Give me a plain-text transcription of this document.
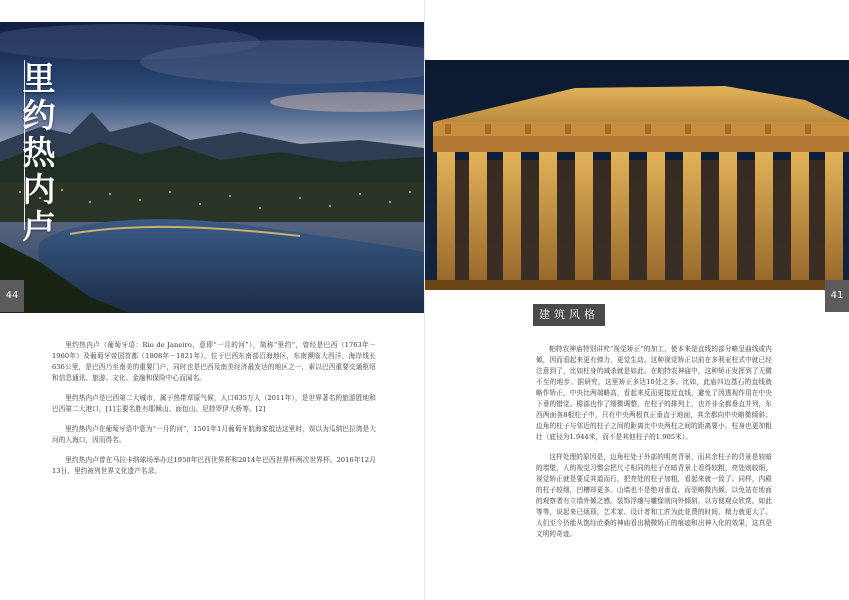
里约热内卢
44

里约热内卢（葡萄牙语：Rio de Janeiro，意即“一月的河”），简称“里约”，曾经是巴西（1763年－1960年）及葡萄牙帝国首都（1808年－1821年），位于巴西东南部沿海地区，东南濒临大西洋，海岸线长636公里，是巴西乃至南美的重要门户，同时也是巴西及南美经济最发达的地区之一，素以巴西重要交通枢纽和信息通讯、旅游、文化、金融和保险中心而闻名。

里约热内卢是巴西第二大城市，属于热带草原气候，人口635万人（2011年），是世界著名的旅游胜地和巴西第二大港口，[1]主要名胜有耶稣山、面包山、尼特罗伊大桥等。[2]

里约热内卢在葡萄牙语中意为“一月的河”，1501年1月葡萄牙航海家抵达这里时，误以为瓜纳巴拉湾是大河的入海口，因而得名。

里约热内卢曾在马拉卡纳球场举办过1950年巴西世界杯和2014年巴西世界杯两次世界杯。2016年12月13日，里约被列世界文化遗产名录。

建筑风格
41

帕特农神庙特别讲究“视觉矫正”的加工，使本来是直线的部分略呈曲线或内倾，因而看起来更有弹力，更觉生动。这种视觉矫正以前在多利亚柱式中就已经注意到了，比如柱身的减杀就是如此。在帕特农神庙中，这种矫正发挥到了无微不至的地步。据研究，这里矫正多达10处之多。比如，此庙四边基石的直线就略作矫正，中央比两端略高，看起来反而更接近直线，避免了因透视作用在中央下垂的错觉。檐部也作了细微调整，在柱子的排列上，也并非全都垂直并列，东西两面各8根柱子中，只有中央两根真正垂直于地面，其余都向中央略微倾斜；边角的柱子与邻近的柱子之间的距离比中央两柱之间的距离要小，柱身也更加粗壮（底径为1.944米，而不是其他柱子的1.905米）。

这样处理的原因是，边角柱处于外部的明亮背景，而其余柱子的背景是较暗的墙壁，人的视觉习惯会把尺寸相同的柱子在暗背景上看得较粗，亮处则较细，视觉矫正就是要反其道而行，把亮处的柱子加粗，看起来就一致了。同样，内殿的柱子较细，凹槽却更多。山墙也不是绝对垂直，而是略微内倾，以免站在地面的观察者有立墙外倾之感。装饰浮雕与雕像则向外倾斜，以方便观众欣赏。如此等等，说起来已烦琐，艺术家、设计者和工匠为此花费的时间、精力就更大了。人们至今仍能从饱经沧桑的神庙看出精微矫正的痕迹和出神入化的效果，这真是文明的奇迹。
